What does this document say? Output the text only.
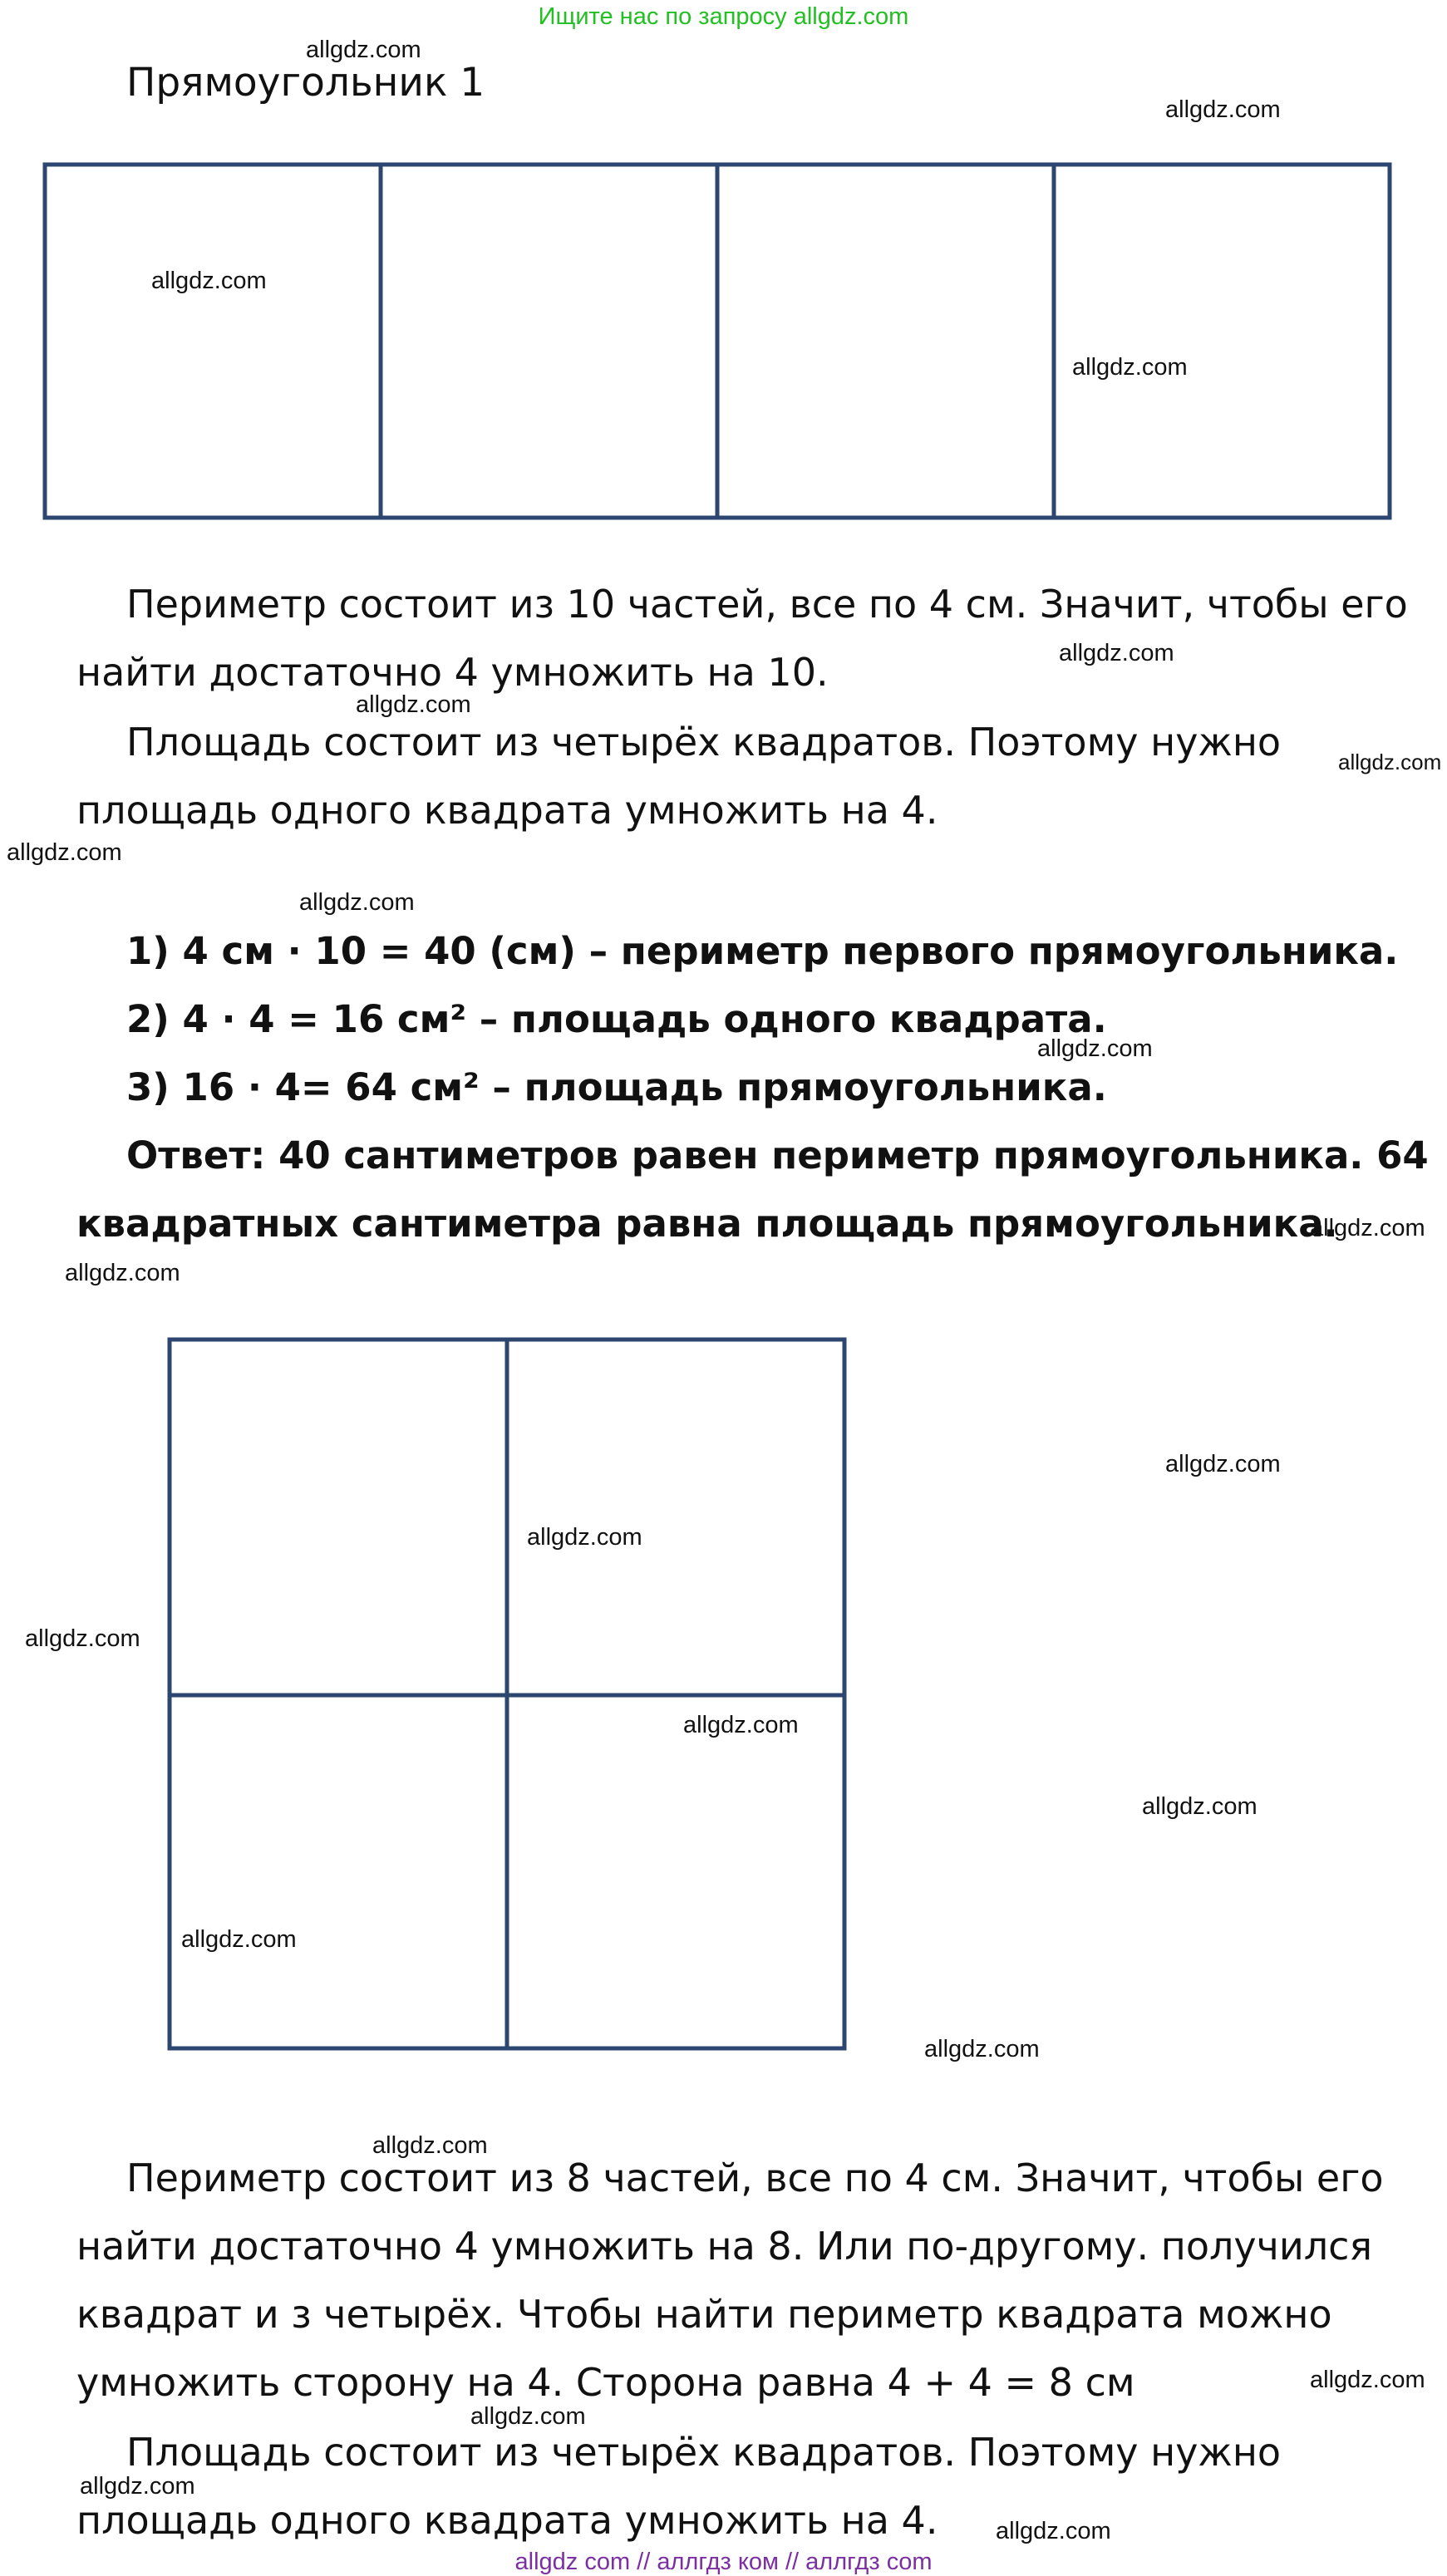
Ищите нас по запросу allgdz.com
Прямоугольник 1
Периметр состоит из 10 частей, все по 4 см. Значит, чтобы его
найти достаточно 4 умножить на 10.
Площадь состоит из четырёх квадратов. Поэтому нужно
площадь одного квадрата умножить на 4.
1) 4 см · 10 = 40 (см) – периметр первого прямоугольника.
2) 4 · 4 = 16 см² – площадь одного квадрата.
3) 16 · 4= 64 см² – площадь прямоугольника.
Ответ: 40 сантиметров равен периметр прямоугольника. 64
квадратных сантиметра равна площадь прямоугольника.
Периметр состоит из 8 частей, все по 4 см. Значит, чтобы его
найти достаточно 4 умножить на 8. Или по-другому. получился
квадрат и з четырёх. Чтобы найти периметр квадрата можно
умножить сторону на 4. Сторона равна 4 + 4 = 8 см
Площадь состоит из четырёх квадратов. Поэтому нужно
площадь одного квадрата умножить на 4.
allgdz.com
allgdz.com
allgdz.com
allgdz.com
allgdz.com
allgdz.com
allgdz.com
allgdz.com
allgdz.com
allgdz.com
allgdz.com
allgdz.com
allgdz.com
allgdz.com
allgdz.com
allgdz.com
allgdz.com
allgdz.com
allgdz.com
allgdz.com
allgdz.com
allgdz.com
allgdz.com
allgdz.com
allgdz com // аллгдз ком // аллгдз com
